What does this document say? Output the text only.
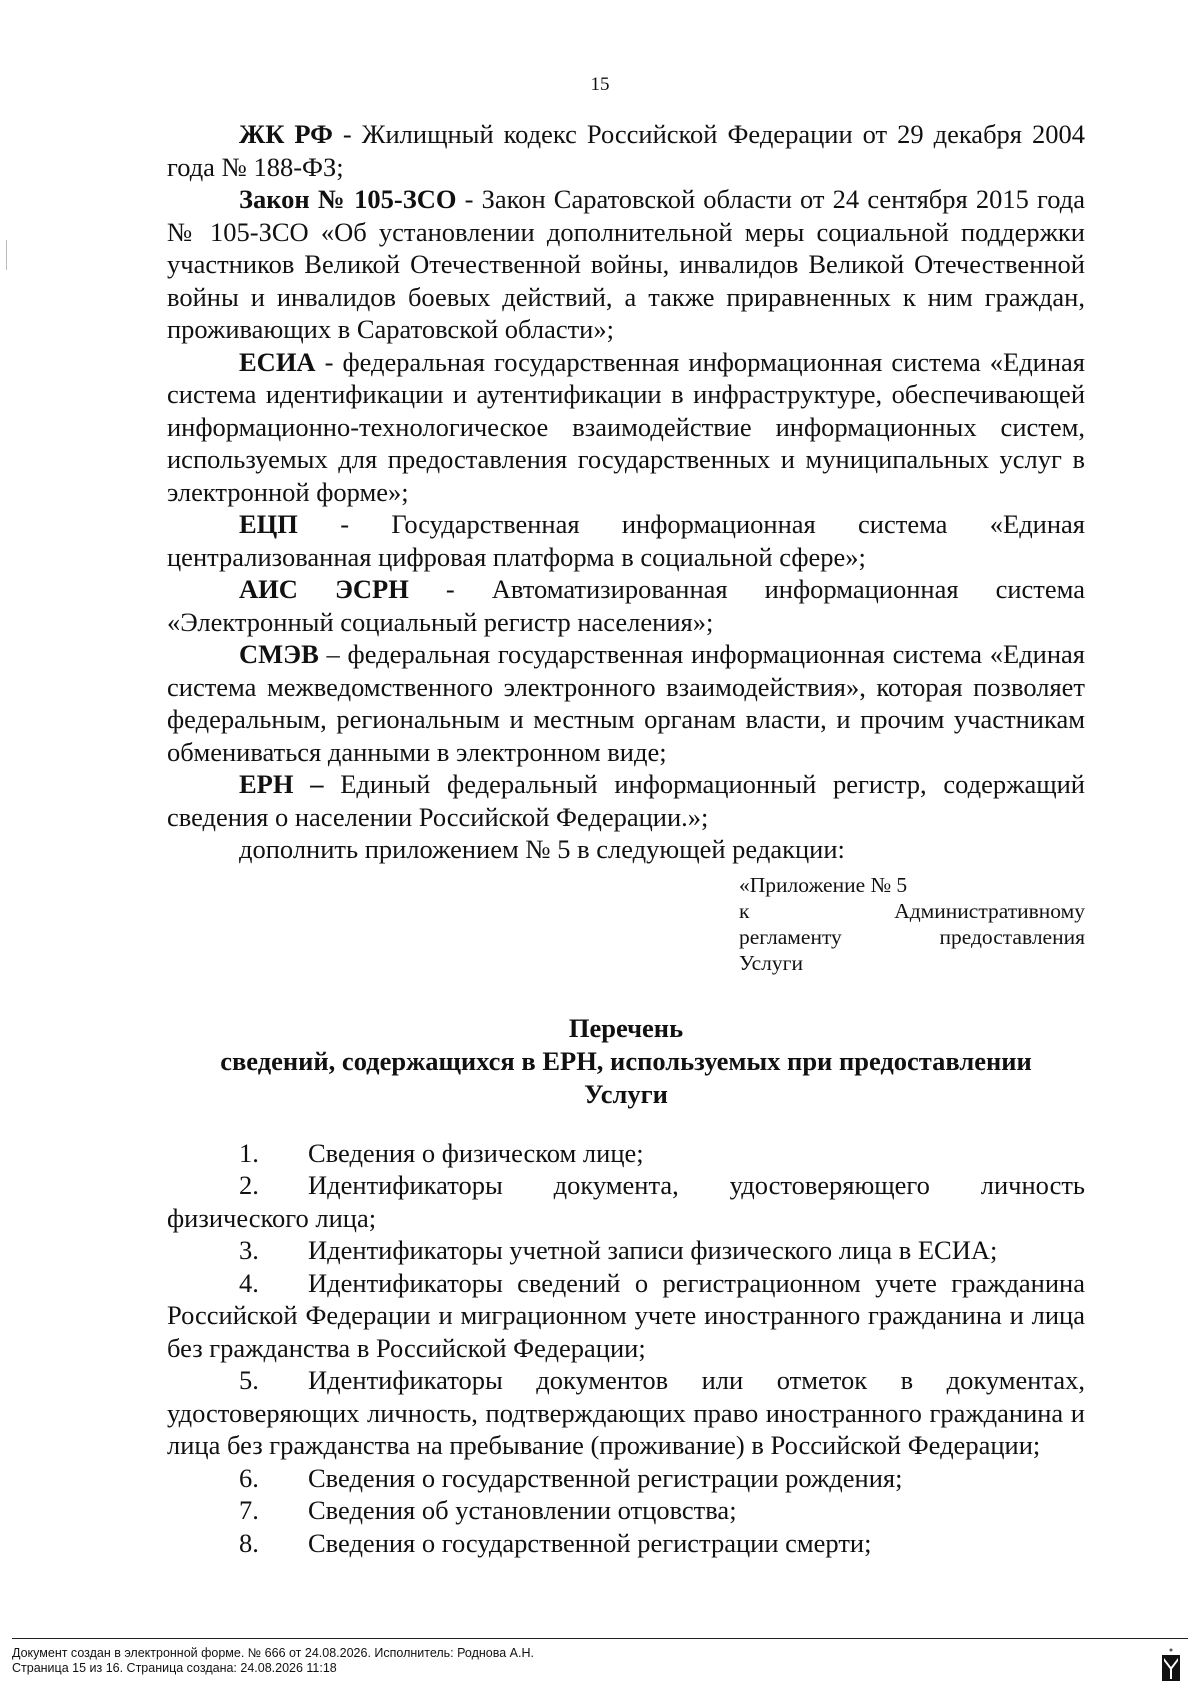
15

ЖК РФ - Жилищный кодекс Российской Федерации от 29 декабря 2004 года № 188-ФЗ;

Закон № 105-ЗСО - Закон Саратовской области от 24 сентября 2015 года № 105-ЗСО «Об установлении дополнительной меры социальной поддержки участников Великой Отечественной войны, инвалидов Великой Отечественной войны и инвалидов боевых действий, а также приравненных к ним граждан, проживающих в Саратовской области»;

ЕСИА - федеральная государственная информационная система «Единая система идентификации и аутентификации в инфраструктуре, обеспечивающей информационно-технологическое взаимодействие информационных систем, используемых для предоставления государственных и муниципальных услуг в электронной форме»;

ЕЦП - Государственная информационная система «Единая централизованная цифровая платформа в социальной сфере»;

АИС ЭСРН - Автоматизированная информационная система «Электронный социальный регистр населения»;

СМЭВ – федеральная государственная информационная система «Единая система межведомственного электронного взаимодействия», которая позволяет федеральным, региональным и местным органам власти, и прочим участникам обмениваться данными в электронном виде;

ЕРН – Единый федеральный информационный регистр, содержащий сведения о населении Российской Федерации.»;

дополнить приложением № 5 в следующей редакции:

«Приложение № 5
к Административному
регламенту предоставления
Услуги
Перечень
сведений, содержащихся в ЕРН, используемых при предоставлении
Услуги

1. Сведения о физическом лице;

2. Идентификаторы документа, удостоверяющего личность физического лица;

3. Идентификаторы учетной записи физического лица в ЕСИА;

4. Идентификаторы сведений о регистрационном учете гражданина Российской Федерации и миграционном учете иностранного гражданина и лица без гражданства в Российской Федерации;

5. Идентификаторы документов или отметок в документах, удостоверяющих личность, подтверждающих право иностранного гражданина и лица без гражданства на пребывание (проживание) в Российской Федерации;

6. Сведения о государственной регистрации рождения;

7. Сведения об установлении отцовства;

8. Сведения о государственной регистрации смерти;

Документ создан в электронной форме. № 666 от 24.08.2026. Исполнитель: Роднова А.Н.
Страница 15 из 16. Страница создана: 24.08.2026 11:18
